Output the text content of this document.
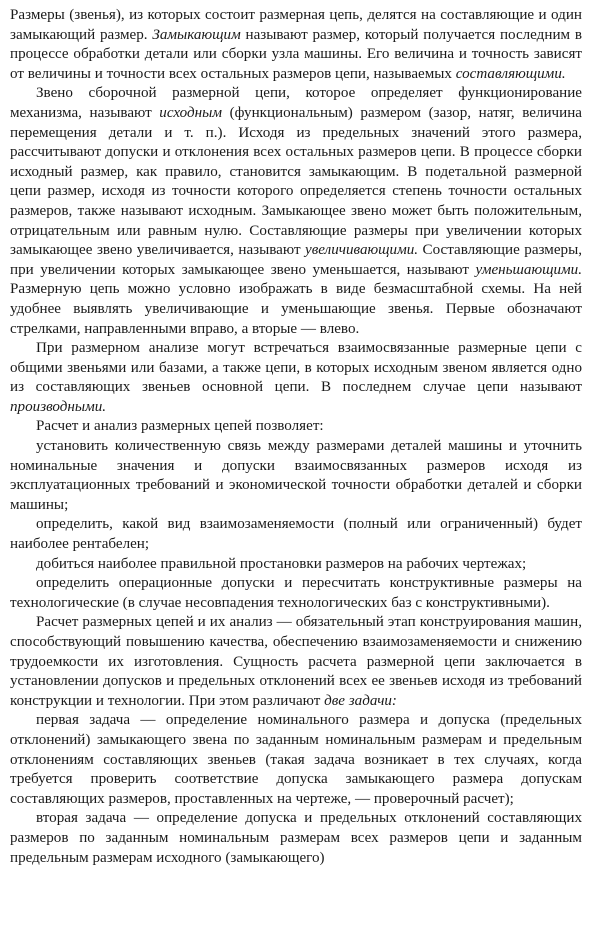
Размеры (звенья), из которых состоит размерная цепь, делятся на составляющие и один замыкающий размер. Замыкающим называют размер, который получается последним в процессе обработки детали или сборки узла машины. Его величина и точность зависят от величины и точности всех остальных размеров цепи, называемых составляющими.

Звено сборочной размерной цепи, которое определяет функционирование механизма, называют исходным (функциональным) размером (зазор, натяг, величина перемещения детали и т. п.). Исходя из предельных значений этого размера, рассчитывают допуски и отклонения всех остальных размеров цепи. В процессе сборки исходный размер, как правило, становится замыкающим. В подетальной размерной цепи размер, исходя из точности которого определяется степень точности остальных размеров, также называют исходным. Замыкающее звено может быть положительным, отрицательным или равным нулю. Составляющие размеры при увеличении которых замыкающее звено увеличивается, называют увеличивающими. Составляющие размеры, при увеличении которых замыкающее звено уменьшается, называют уменьшающими. Размерную цепь можно условно изображать в виде безмасштабной схемы. На ней удобнее выявлять увеличивающие и уменьшающие звенья. Первые обозначают стрелками, направленными вправо, а вторые — влево.

При размерном анализе могут встречаться взаимосвязанные размерные цепи с общими звеньями или базами, а также цепи, в которых исходным звеном является одно из составляющих звеньев основной цепи. В последнем случае цепи называют производными.

Расчет и анализ размерных цепей позволяет:

установить количественную связь между размерами деталей машины и уточнить номинальные значения и допуски взаимосвязанных размеров исходя из эксплуатационных требований и экономической точности обработки деталей и сборки машины;

определить, какой вид взаимозаменяемости (полный или ограниченный) будет наиболее рентабелен;

добиться наиболее правильной простановки размеров на рабочих чертежах;

определить операционные допуски и пересчитать конструктивные размеры на технологические (в случае несовпадения технологических баз с конструктивными).

Расчет размерных цепей и их анализ — обязательный этап конструирования машин, способствующий повышению качества, обеспечению взаимозаменяемости и снижению трудоемкости их изготовления. Сущность расчета размерной цепи заключается в установлении допусков и предельных отклонений всех ее звеньев исходя из требований конструкции и технологии. При этом различают две задачи:

первая задача — определение номинального размера и допуска (предельных отклонений) замыкающего звена по заданным номинальным размерам и предельным отклонениям составляющих звеньев (такая задача возникает в тех случаях, когда требуется проверить соответствие допуска замыкающего размера допускам составляющих размеров, проставленных на чертеже, — проверочный расчет);

вторая задача — определение допуска и предельных отклонений составляющих размеров по заданным номинальным размерам всех размеров цепи и заданным предельным размерам исходного (замыкающего)
